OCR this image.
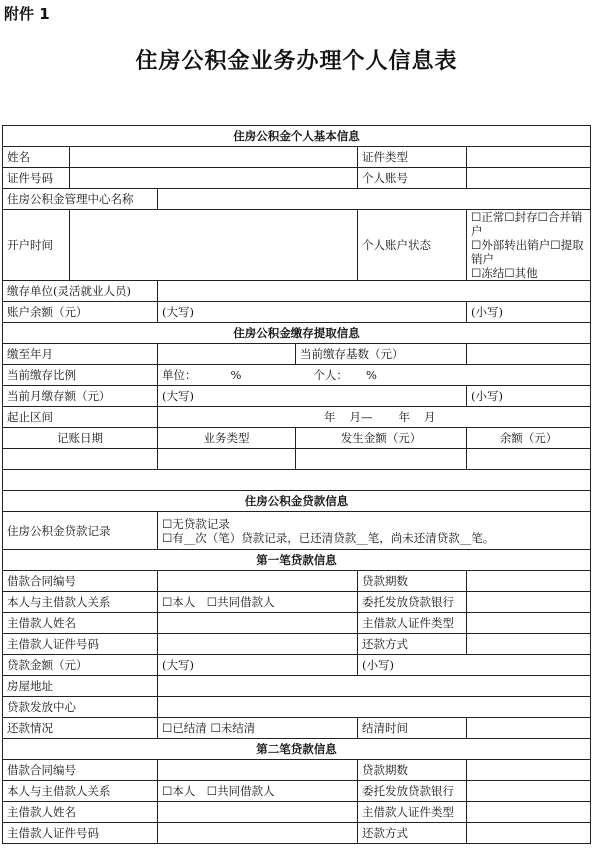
附件 1
住房公积金业务办理个人信息表
住房公积金个人基本信息					
姓名				证件类型	
证件号码				个人账号	
住房公积金管理中心名称					
开户时间				个人账户状态	☐正常☐封存☐合并销户
☐外部转出销户☐提取销户
☐冻结☐其他

缴存单位(灵活就业人员)					
账户余额（元）		(大写)			(小写)
住房公积金缴存提取信息					
缴至年月			当前缴存基数（元）		
当前缴存比例		单位： % 个人： %			
当前月缴存额（元）		(大写)			(小写)
起止区间		年 月— 年 月			
记账日期		业务类型	发生金额（元）		余额（元）

住房公积金贷款信息					
住房公积金贷款记录		☐无贷款记录
☐有__次（笔）贷款记录，已还清贷款__笔，尚未还清贷款__笔。			

第一笔贷款信息					
借款合同编号				贷款期数	
本人与主借款人关系		☐本人　☐共同借款人		委托发放贷款银行	
主借款人姓名				主借款人证件类型	
主借款人证件号码				还款方式	
贷款金额（元）		(大写)		(小写)	
房屋地址					
贷款发放中心					
还款情况		☐已结清 ☐未结清		结清时间	
第二笔贷款信息					
借款合同编号				贷款期数	
本人与主借款人关系		☐本人　☐共同借款人		委托发放贷款银行	
主借款人姓名				主借款人证件类型	
主借款人证件号码				还款方式	
